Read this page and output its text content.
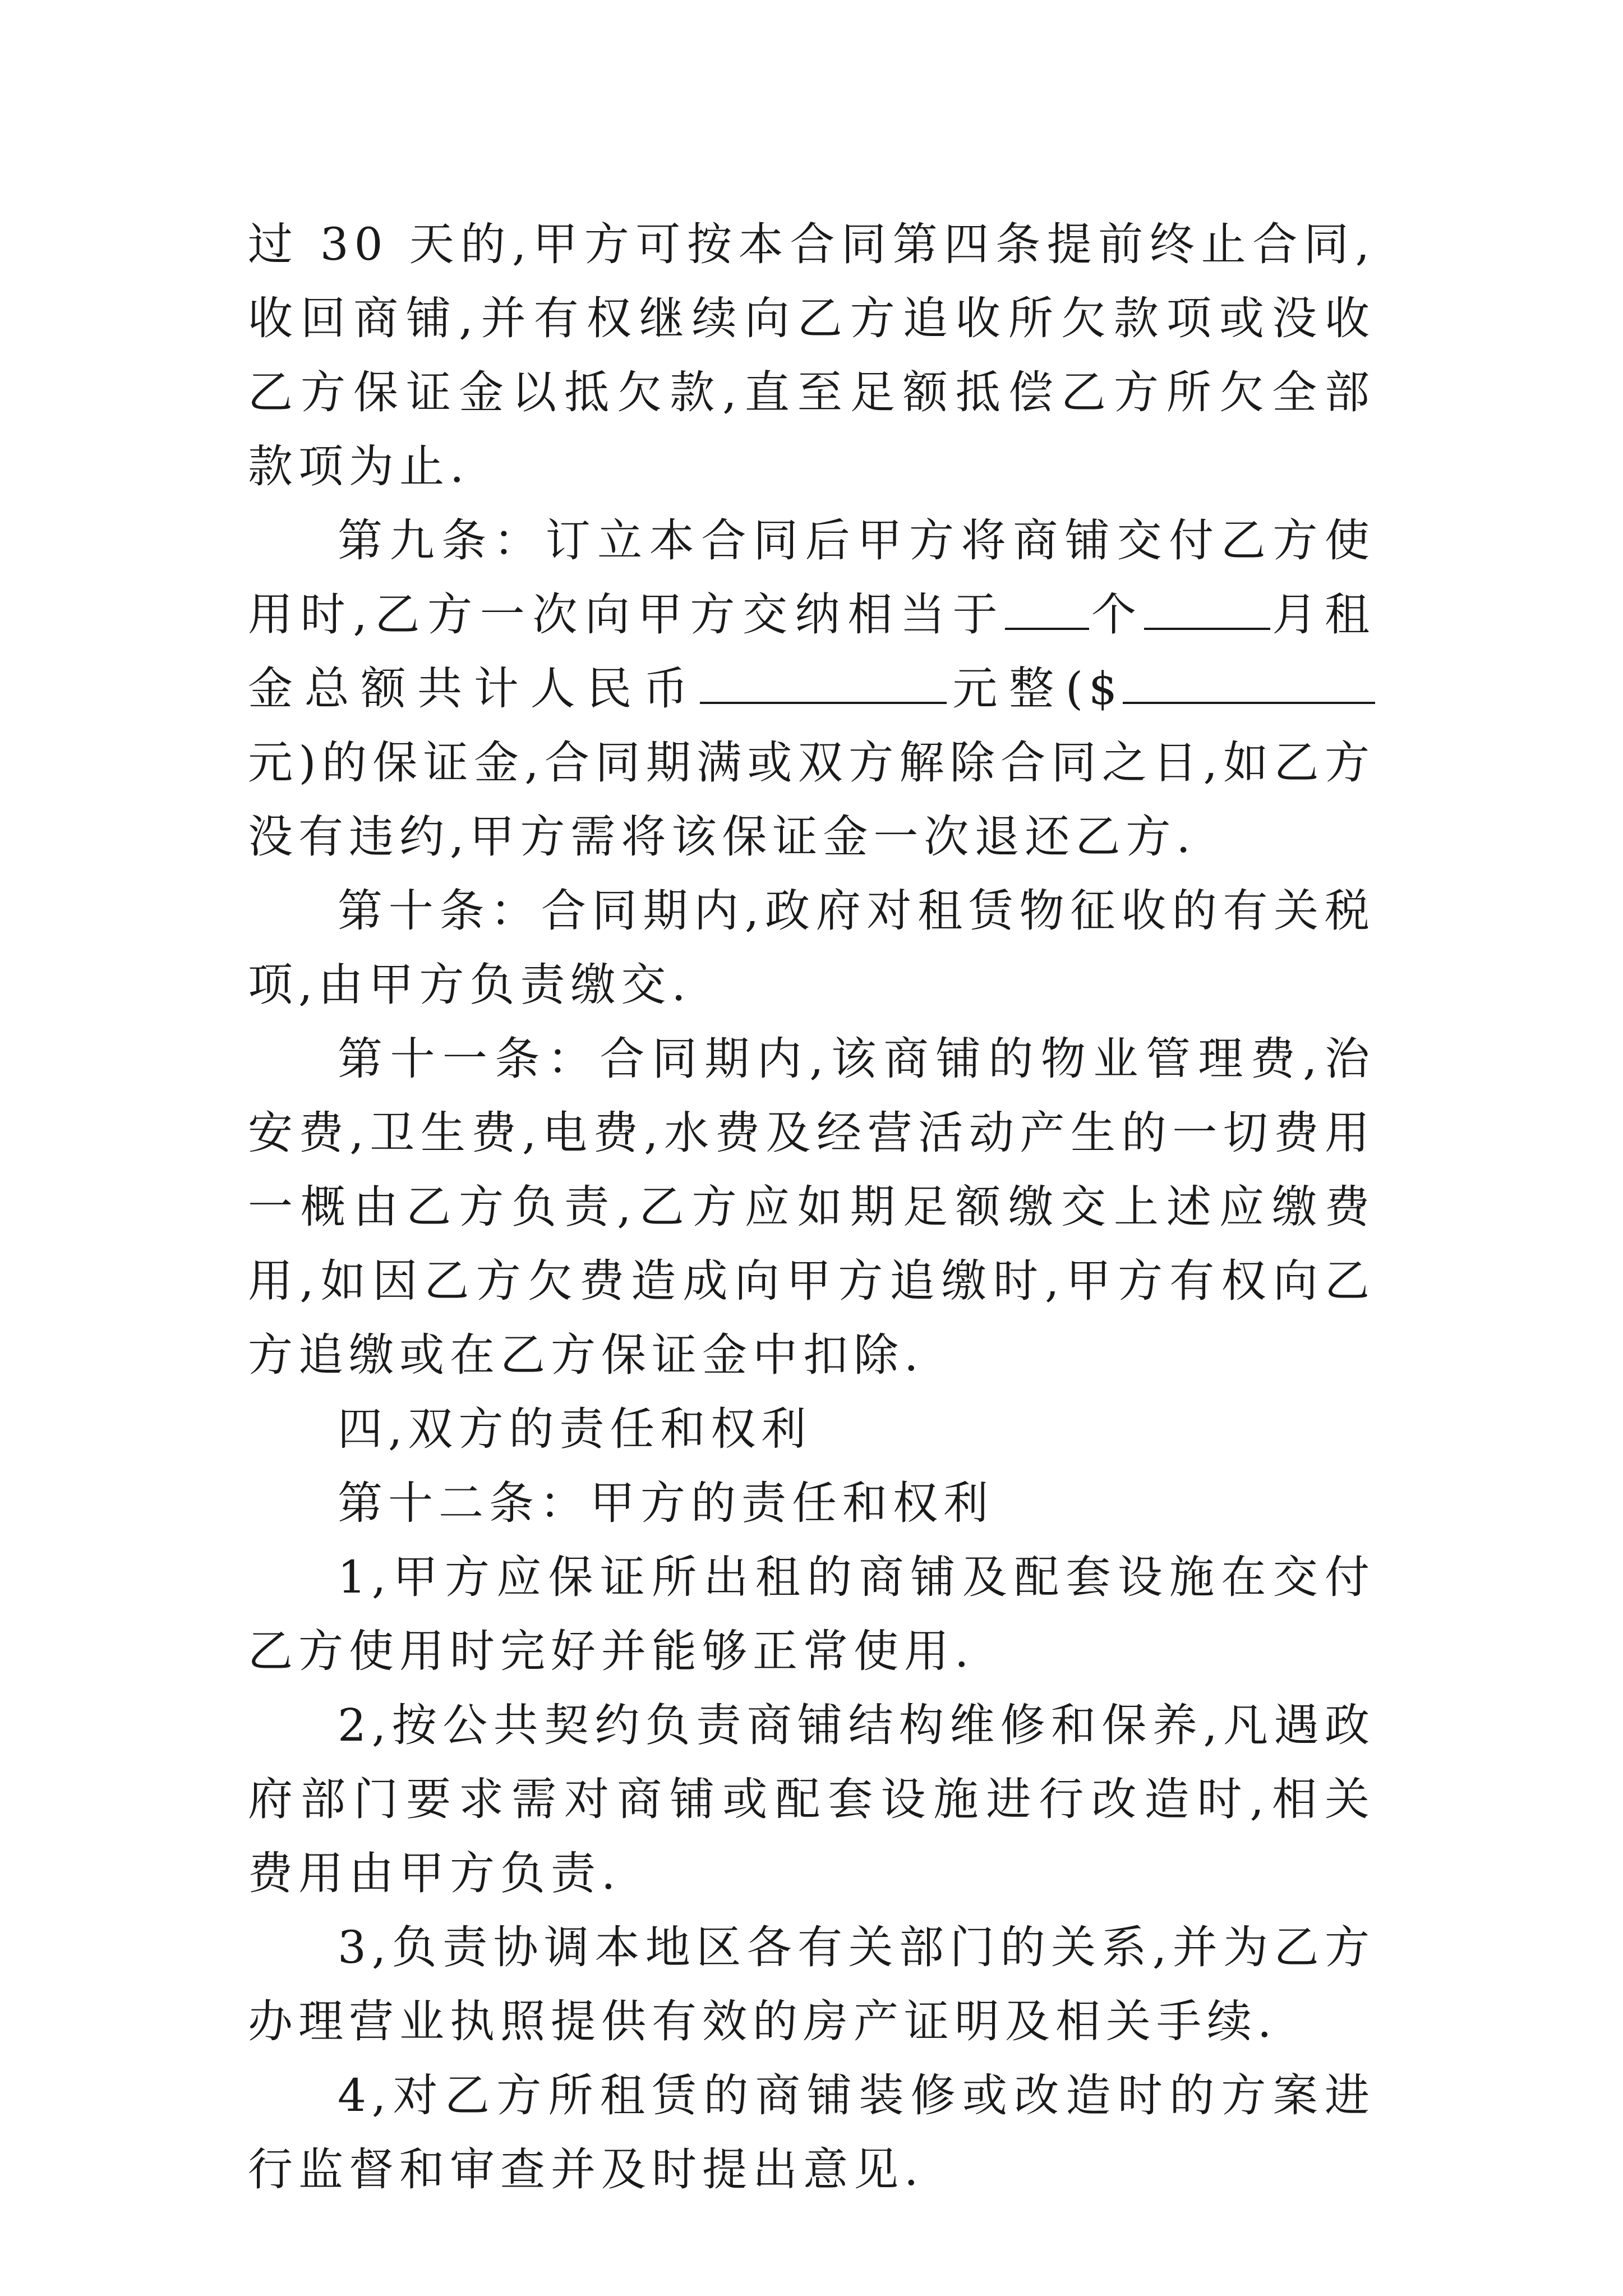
过 30 天的,甲方可按本合同第四条提前终止合同,收回商铺,并有权继续向乙方追收所欠款项或没收乙方保证金以抵欠款,直至足额抵偿乙方所欠全部款项为止.

第九条：订立本合同后甲方将商铺交付乙方使用时,乙方一次向甲方交纳相当于 个	月租金总额共计人民币	元整($元)的保证金,合同期满或双方解除合同之日,如乙方没有违约,甲方需将该保证金一次退还乙方.

第十条：合同期内,政府对租赁物征收的有关税项,由甲方负责缴交.

第十一条：合同期内,该商铺的物业管理费,治安费,卫生费,电费,水费及经营活动产生的一切费用一概由乙方负责,乙方应如期足额缴交上述应缴费用,如因乙方欠费造成向甲方追缴时,甲方有权向乙方追缴或在乙方保证金中扣除.

四,双方的责任和权利

第十二条：甲方的责任和权利

1,甲方应保证所出租的商铺及配套设施在交付乙方使用时完好并能够正常使用.

2,按公共契约负责商铺结构维修和保养,凡遇政府部门要求需对商铺或配套设施进行改造时,相关费用由甲方负责.

3,负责协调本地区各有关部门的关系,并为乙方办理营业执照提供有效的房产证明及相关手续.

4,对乙方所租赁的商铺装修或改造时的方案进行监督和审查并及时提出意见.
